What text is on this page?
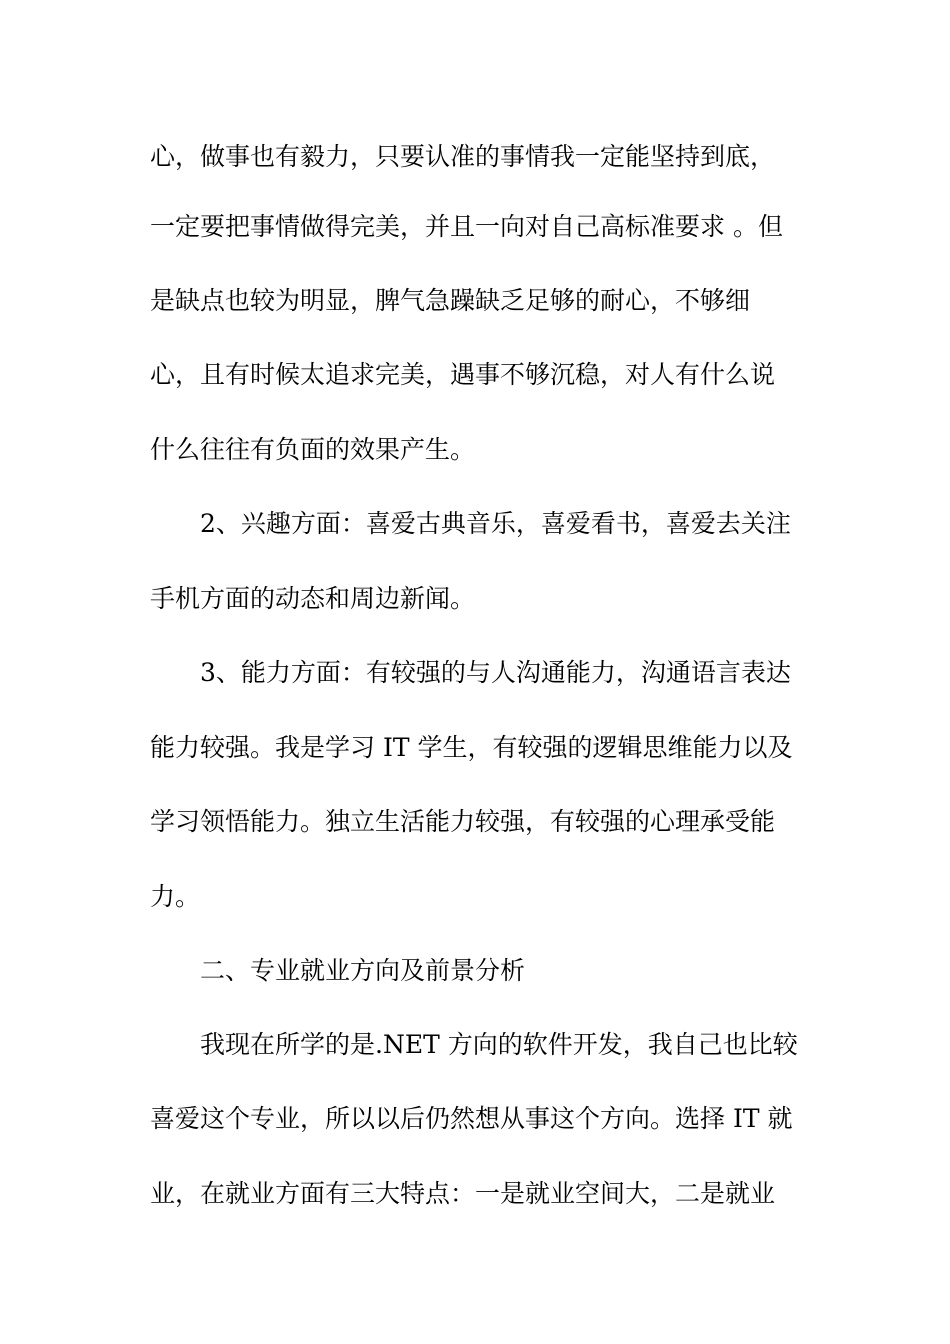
心，做事也有毅力，只要认准的事情我一定能坚持到底，
一定要把事情做得完美，并且一向对自己高标准要求 。但
是缺点也较为明显，脾气急躁缺乏足够的耐心，不够细
心，且有时候太追求完美，遇事不够沉稳，对人有什么说
什么往往有负面的效果产生。
2、兴趣方面：喜爱古典音乐，喜爱看书，喜爱去关注
手机方面的动态和周边新闻。
3、能力方面：有较强的与人沟通能力，沟通语言表达
能力较强。我是学习 IT 学生，有较强的逻辑思维能力以及
学习领悟能力。独立生活能力较强，有较强的心理承受能
力。
二、专业就业方向及前景分析
我现在所学的是.NET 方向的软件开发，我自己也比较
喜爱这个专业，所以以后仍然想从事这个方向。选择 IT 就
业，在就业方面有三大特点：一是就业空间大，二是就业
